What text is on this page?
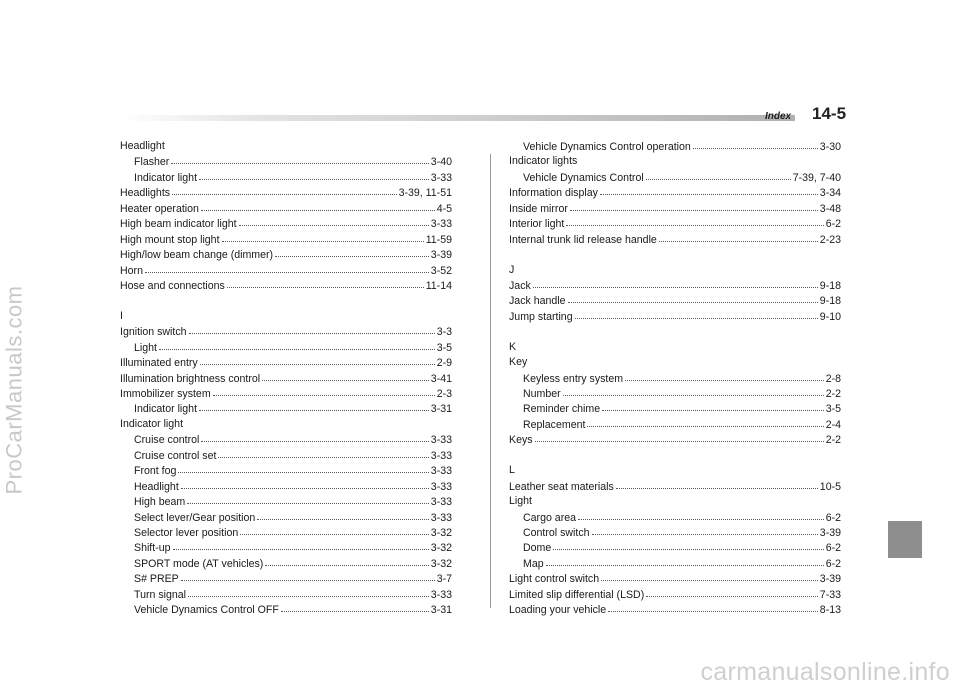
ProCarManuals.com
carmanualsonline.info
Index 14-5
Headlight
Flasher	3-40
Indicator light	3-33
Headlights	3-39, 11-51
Heater operation	4-5
High beam indicator light	3-33
High mount stop light	11-59
High/low beam change (dimmer)	3-39
Horn	3-52
Hose and connections	11-14
I
Ignition switch	3-3
Light	3-5
Illuminated entry	2-9
Illumination brightness control	3-41
Immobilizer system	2-3
Indicator light	3-31
Indicator light
Cruise control	3-33
Cruise control set	3-33
Front fog	3-33
Headlight	3-33
High beam	3-33
Select lever/Gear position	3-33
Selector lever position	3-32
Shift-up	3-32
SPORT mode (AT vehicles)	3-32
S# PREP	3-7
Turn signal	3-33
Vehicle Dynamics Control OFF	3-31
Vehicle Dynamics Control operation	3-30
Indicator lights
Vehicle Dynamics Control	7-39, 7-40
Information display	3-34
Inside mirror	3-48
Interior light	6-2
Internal trunk lid release handle	2-23
J
Jack	9-18
Jack handle	9-18
Jump starting	9-10
K
Key
Keyless entry system	2-8
Number	2-2
Reminder chime	3-5
Replacement	2-4
Keys	2-2
L
Leather seat materials	10-5
Light
Cargo area	6-2
Control switch	3-39
Dome	6-2
Map	6-2
Light control switch	3-39
Limited slip differential (LSD)	7-33
Loading your vehicle	8-13
